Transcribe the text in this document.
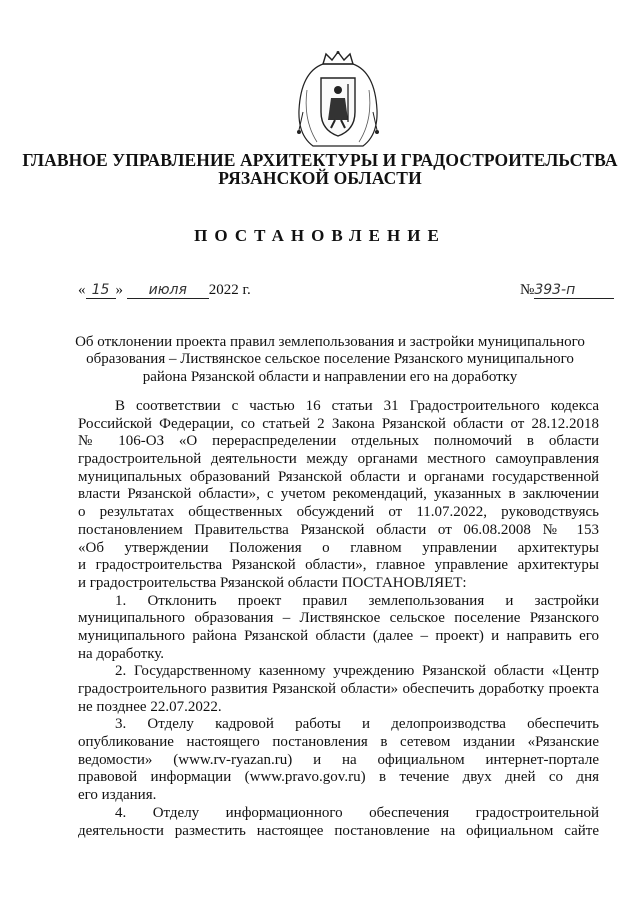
ГЛАВНОЕ УПРАВЛЕНИЕ АРХИТЕКТУРЫ И ГРАДОСТРОИТЕЛЬСТВА
РЯЗАНСКОЙ ОБЛАСТИ
ПОСТАНОВЛЕНИЕ
« 15 » июля 2022 г.	№393-п
Об отклонении проекта правил землепользования и застройки муниципального
образования – Листвянское сельское поселение Рязанского муниципального
района Рязанской области и направлении его на доработку
В соответствии с частью 16 статьи 31 Градостроительного кодекса
Российской Федерации, со статьей 2 Закона Рязанской области от 28.12.2018
№ 106-ОЗ «О перераспределении отдельных полномочий в области
градостроительной деятельности между органами местного самоуправления
муниципальных образований Рязанской области и органами государственной
власти Рязанской области», с учетом рекомендаций, указанных в заключении
о результатах общественных обсуждений от 11.07.2022, руководствуясь
постановлением Правительства Рязанской области от 06.08.2008 № 153
«Об утверждении Положения о главном управлении архитектуры
и градостроительства Рязанской области», главное управление архитектуры
и градостроительства Рязанской области ПОСТАНОВЛЯЕТ:
1. Отклонить проект правил землепользования и застройки
муниципального образования – Листвянское сельское поселение Рязанского
муниципального района Рязанской области (далее – проект) и направить его
на доработку.
2. Государственному казенному учреждению Рязанской области «Центр
градостроительного развития Рязанской области» обеспечить доработку проекта
не позднее 22.07.2022.
3. Отделу кадровой работы и делопроизводства обеспечить
опубликование настоящего постановления в сетевом издании «Рязанские
ведомости» (www.rv-ryazan.ru) и на официальном интернет-портале
правовой информации (www.pravo.gov.ru) в течение двух дней со дня
его издания.
4. Отделу информационного обеспечения градостроительной
деятельности разместить настоящее постановление на официальном сайте
